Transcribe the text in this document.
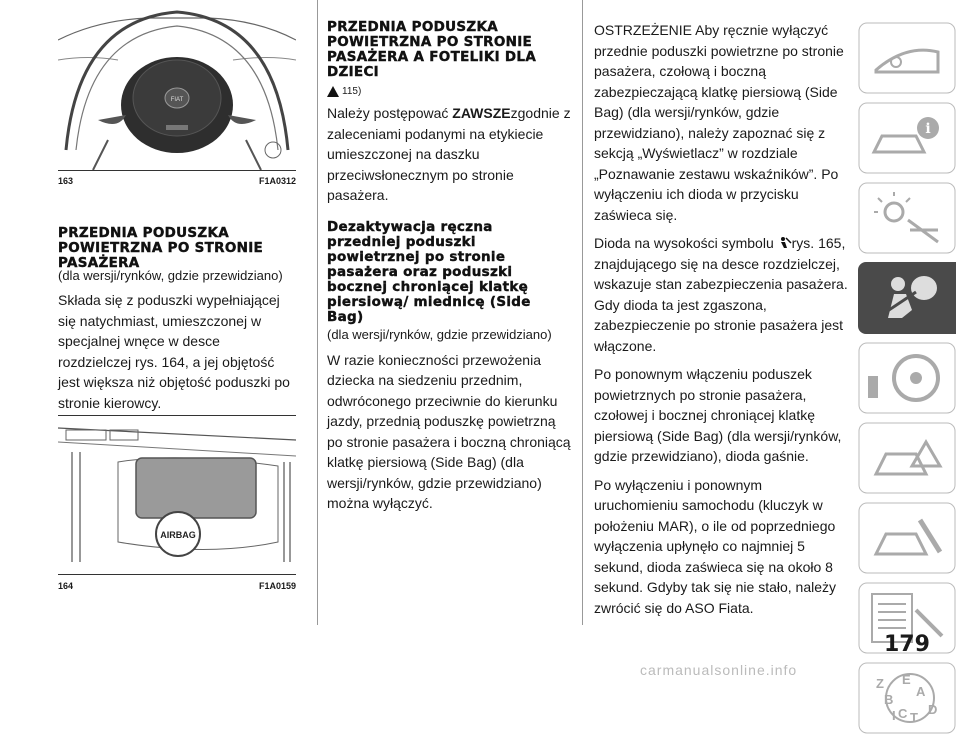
FIAT
163	F1A0312
PRZEDNIA PODUSZKA POWIETRZNA PO STRONIE PASAŻERA

(dla wersji/rynków, gdzie przewidziano)

Składa się z poduszki wypełniającej się natychmiast, umieszczonej w specjalnej wnęce w desce rozdzielczej rys. 164, a jej objętość jest większa niż objętość poduszki po stronie kierowcy.

AIRBAG
164	F1A0159
PRZEDNIA PODUSZKA POWIETRZNA PO STRONIE PASAŻERA A FOTELIKI DLA DZIECI
115)

Należy postępować ZAWSZEzgodnie z zaleceniami podanymi na etykiecie umieszczonej na daszku przeciwsłonecznym po stronie pasażera.

Dezaktywacja ręczna przedniej poduszki powietrznej po stronie pasażera oraz poduszki bocznej chroniącej klatkę piersiową/ miednicę (Side Bag)

(dla wersji/rynków, gdzie przewidziano)

W razie konieczności przewożenia dziecka na siedzeniu przednim, odwróconego przeciwnie do kierunku jazdy, przednią poduszkę powietrzną po stronie pasażera i boczną chroniącą klatkę piersiową (Side Bag) (dla wersji/rynków, gdzie przewidziano) można wyłączyć.

OSTRZEŻENIE Aby ręcznie wyłączyć przednie poduszki powietrzne po stronie pasażera, czołową i boczną zabezpieczającą klatkę piersiową (Side Bag) (dla wersji/rynków, gdzie przewidziano), należy zapoznać się z sekcją „Wyświetlacz” w rozdziale „Poznawanie zestawu wskaźników”. Po wyłączeniu ich dioda w przycisku zaświeca się.

Dioda na wysokości symbolu rys. 165, znajdującego się na desce rozdzielczej, wskazuje stan zabezpieczenia pasażera. Gdy dioda ta jest zgaszona, zabezpieczenie po stronie pasażera jest włączone.

Po ponownym włączeniu poduszek powietrznych po stronie pasażera, czołowej i bocznej chroniącej klatkę piersiową (Side Bag) (dla wersji/rynków, gdzie przewidziano), dioda gaśnie.

Po wyłączeniu i ponownym uruchomieniu samochodu (kluczyk w położeniu MAR), o ile od poprzedniego wyłączenia upłynęło co najmniej 5 sekund, dioda zaświeca się na około 8 sekund. Gdyby tak się nie stało, należy zwrócić się do ASO Fiata.

i
Z E
A
B
C T
D
I
179
carmanualsonline.info
